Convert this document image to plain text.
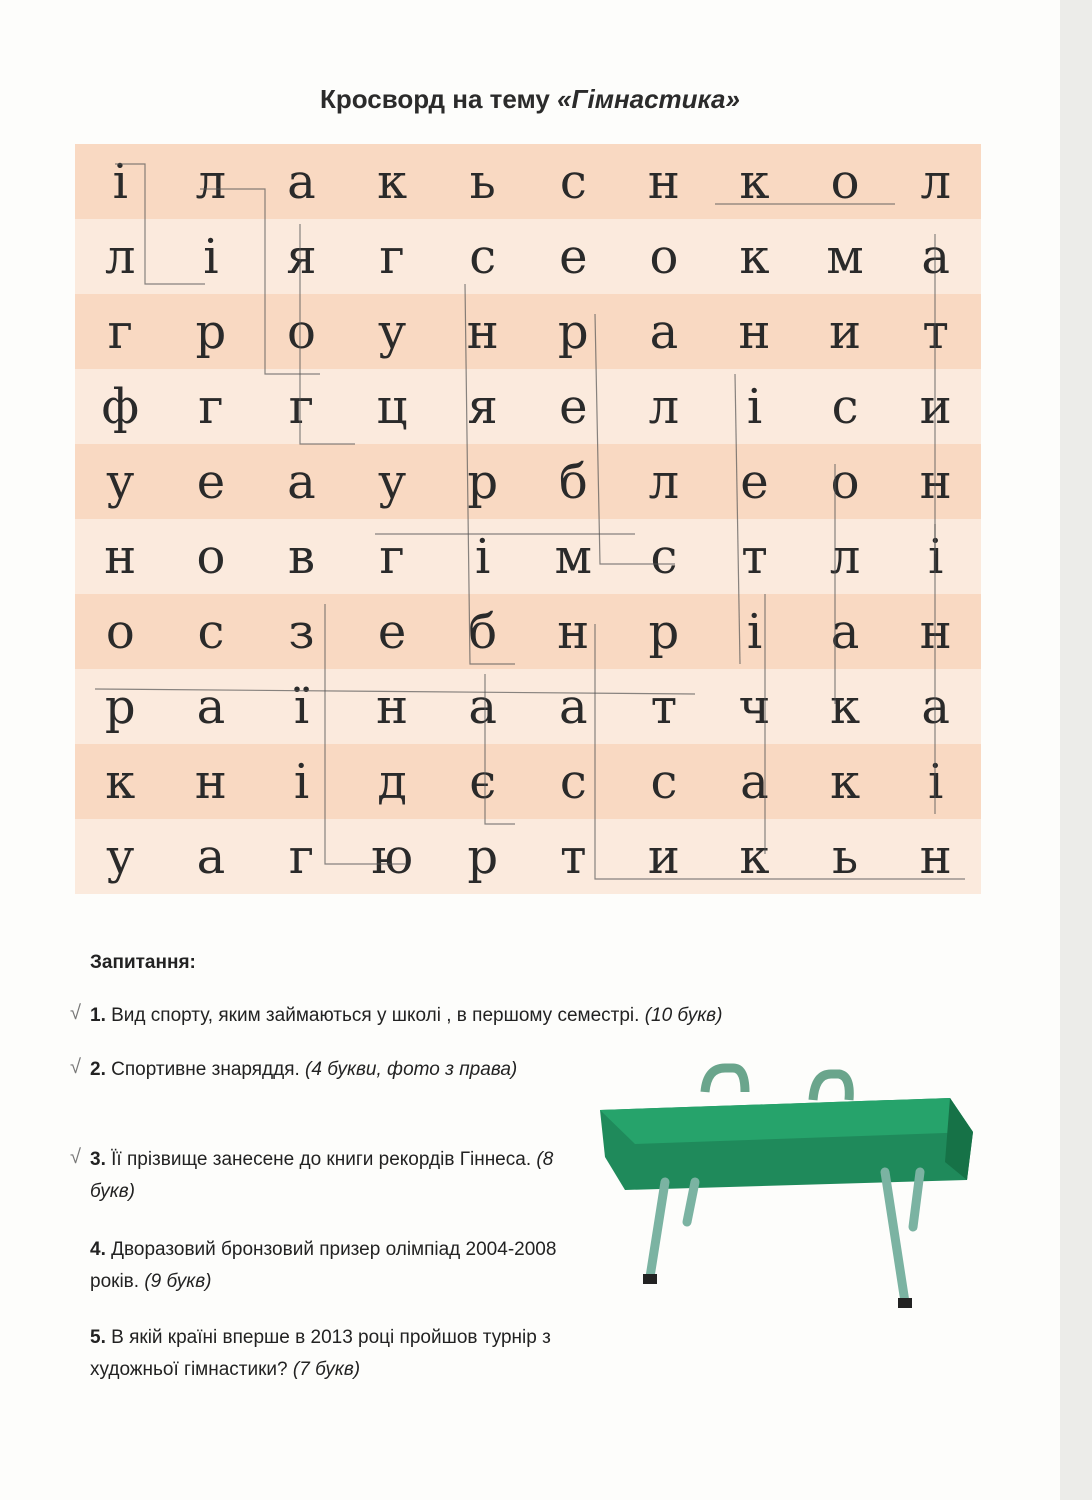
Кросворд на тему «Гімнастика»
і	л	а	к	ь	с	н	к	о	л
л	і	я	г	с	е	о	к	м	а
г	р	о	у	н	р	а	н	и	т
ф	г	г	ц	я	е	л	і	с	и
у	е	а	у	р	б	л	е	о	н
н	о	в	г	і	м	с	т	л	і
о	с	з	е	б	н	р	і	а	н
р	а	ї	н	а	а	т	ч	к	а
к	н	і	д	є	с	с	а	к	і
у	а	г	ю	р	т	и	к	ь	н

Запитання:

√ 1. Вид спорту, яким займаються у школі , в першому семестрі. (10 букв)

√ 2. Спортивне знаряддя. (4 букви, фото з права)

√ 3. Її прізвище занесене до книги рекордів Гіннеса. (8 букв)

4. Дворазовий бронзовий призер олімпіад 2004-2008 років. (9 букв)

5. В якій країні вперше в 2013 році пройшов турнір з художньої гімнастики? (7 букв)
